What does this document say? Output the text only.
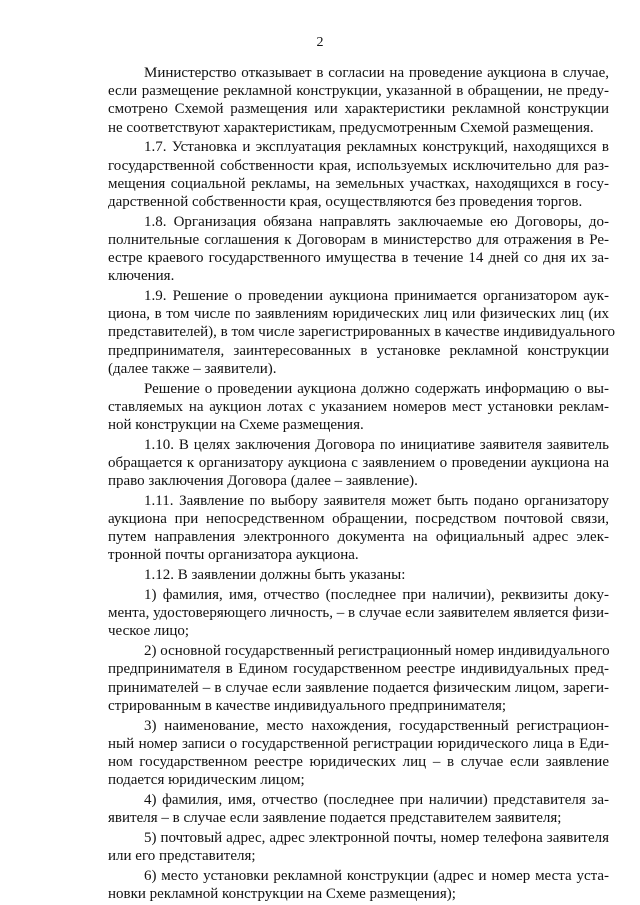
2
Министерство отказывает в согласии на проведение аукциона в случае,
если размещение рекламной конструкции, указанной в обращении, не преду-
смотрено Схемой размещения или характеристики рекламной конструкции
не соответствуют характеристикам, предусмотренным Схемой размещения.
1.7. Установка и эксплуатация рекламных конструкций, находящихся в
государственной собственности края, используемых исключительно для раз-
мещения социальной рекламы, на земельных участках, находящихся в госу-
дарственной собственности края, осуществляются без проведения торгов.
1.8. Организация обязана направлять заключаемые ею Договоры, до-
полнительные соглашения к Договорам в министерство для отражения в Ре-
естре краевого государственного имущества в течение 14 дней со дня их за-
ключения.
1.9. Решение о проведении аукциона принимается организатором аук-
циона, в том числе по заявлениям юридических лиц или физических лиц (их
представителей), в том числе зарегистрированных в качестве индивидуального
предпринимателя, заинтересованных в установке рекламной конструкции
(далее также – заявители).
Решение о проведении аукциона должно содержать информацию о вы-
ставляемых на аукцион лотах с указанием номеров мест установки реклам-
ной конструкции на Схеме размещения.
1.10. В целях заключения Договора по инициативе заявителя заявитель
обращается к организатору аукциона с заявлением о проведении аукциона на
право заключения Договора (далее – заявление).
1.11. Заявление по выбору заявителя может быть подано организатору
аукциона при непосредственном обращении, посредством почтовой связи,
путем направления электронного документа на официальный адрес элек-
тронной почты организатора аукциона.
1.12. В заявлении должны быть указаны:
1) фамилия, имя, отчество (последнее при наличии), реквизиты доку-
мента, удостоверяющего личность, – в случае если заявителем является физи-
ческое лицо;
2) основной государственный регистрационный номер индивидуального
предпринимателя в Едином государственном реестре индивидуальных пред-
принимателей – в случае если заявление подается физическим лицом, зареги-
стрированным в качестве индивидуального предпринимателя;
3) наименование, место нахождения, государственный регистрацион-
ный номер записи о государственной регистрации юридического лица в Еди-
ном государственном реестре юридических лиц – в случае если заявление
подается юридическим лицом;
4) фамилия, имя, отчество (последнее при наличии) представителя за-
явителя – в случае если заявление подается представителем заявителя;
5) почтовый адрес, адрес электронной почты, номер телефона заявителя
или его представителя;
6) место установки рекламной конструкции (адрес и номер места уста-
новки рекламной конструкции на Схеме размещения);
